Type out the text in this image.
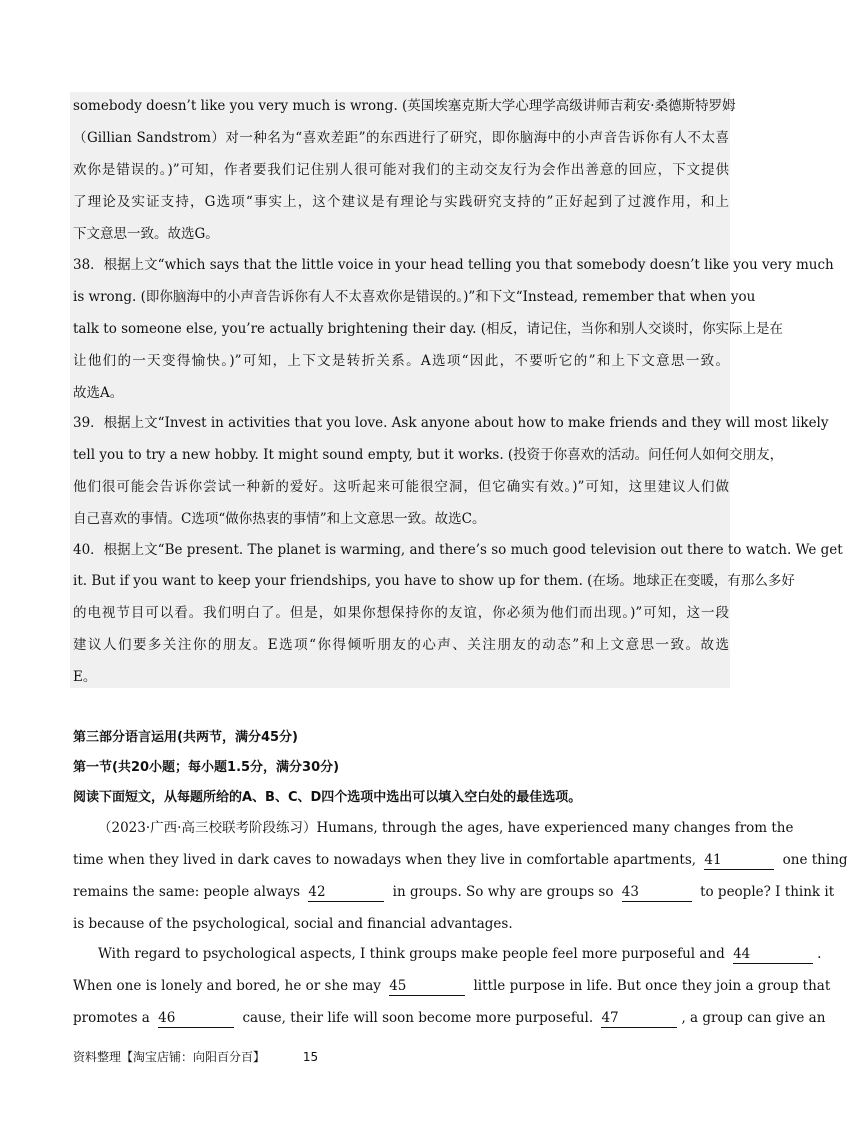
somebody doesn’t like you very much is wrong. (英国埃塞克斯大学心理学高级讲师吉莉安·桑德斯特罗姆
（Gillian Sandstrom）对一种名为“喜欢差距”的东西进行了研究，即你脑海中的小声音告诉你有人不太喜
欢你是错误的。)”可知，作者要我们记住别人很可能对我们的主动交友行为会作出善意的回应，下文提供
了理论及实证支持，G选项“事实上，这个建议是有理论与实践研究支持的”正好起到了过渡作用，和上
下文意思一致。故选G。
38．根据上文“which says that the little voice in your head telling you that somebody doesn’t like you very much
is wrong. (即你脑海中的小声音告诉你有人不太喜欢你是错误的。)”和下文“Instead, remember that when you
talk to someone else, you’re actually brightening their day. (相反，请记住，当你和别人交谈时，你实际上是在
让他们的一天变得愉快。)”可知，上下文是转折关系。A选项“因此，不要听它的”和上下文意思一致。
故选A。
39．根据上文“Invest in activities that you love. Ask anyone about how to make friends and they will most likely
tell you to try a new hobby. It might sound empty, but it works. (投资于你喜欢的活动。问任何人如何交朋友，
他们很可能会告诉你尝试一种新的爱好。这听起来可能很空洞，但它确实有效。)”可知，这里建议人们做
自己喜欢的事情。C选项“做你热衷的事情”和上文意思一致。故选C。
40．根据上文“Be present. The planet is warming, and there’s so much good television out there to watch. We get
it. But if you want to keep your friendships, you have to show up for them. (在场。地球正在变暖，有那么多好
的电视节目可以看。我们明白了。但是，如果你想保持你的友谊，你必须为他们而出现。)”可知，这一段
建议人们要多关注你的朋友。E选项“你得倾听朋友的心声、关注朋友的动态”和上文意思一致。故选
E。
第三部分语言运用(共两节，满分45分)
第一节(共20小题；每小题1.5分，满分30分)
阅读下面短文，从每题所给的A、B、C、D四个选项中选出可以填入空白处的最佳选项。
（2023·广西·高三校联考阶段练习）Humans, through the ages, have experienced many changes from the
time when they lived in dark caves to nowadays when they live in comfortable apartments, 41	one thing
remains the same: people always 42	in groups. So why are groups so 43	to people? I think it
is because of the psychological, social and financial advantages.
With regard to psychological aspects, I think groups make people feel more purposeful and 44	.
When one is lonely and bored, he or she may 45	little purpose in life. But once they join a group that
promotes a 46	cause, their life will soon become more purposeful. 47	, a group can give an
资料整理【淘宝店铺：向阳百分百】	15
